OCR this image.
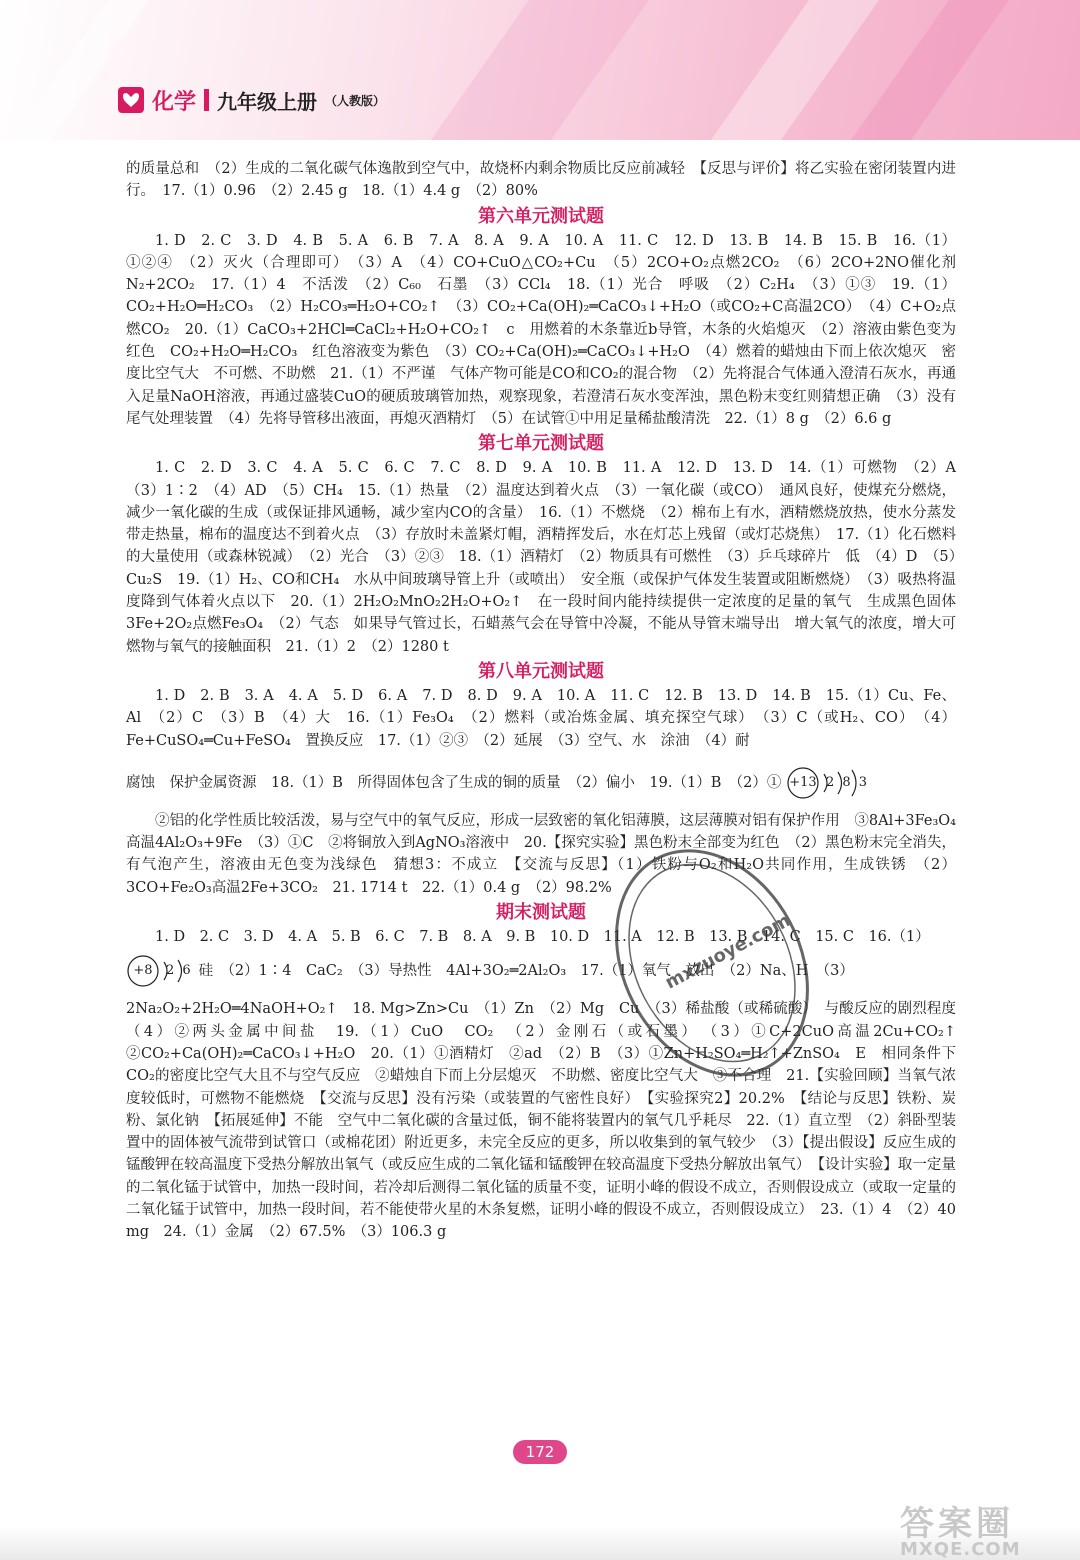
化学 九年级上册 （人教版）

的质量总和　（2）生成的二氧化碳气体逸散到空气中，故烧杯内剩余物质比反应前减轻　【反思与评价】将乙实验在密闭装置内进行。　17.（1）0.96　（2）2.45 g　18.（1）4.4 g　（2）80%

第六单元测试题

1. D　2. C　3. D　4. B　5. A　6. B　7. A　8. A　9. A　10. A　11. C　12. D　13. B　14. B　15. B　16.（1）①②④　（2）灭火（合理即可）　（3）A　（4）CO+CuO△CO₂+Cu　（5）2CO+O₂点燃2CO₂　（6）2CO+2NO催化剂N₂+2CO₂　17.（1）4　不活泼　（2）C₆₀　石墨　（3）CCl₄　18.（1）光合　呼吸　（2）C₂H₄　（3）①③　19.（1）CO₂+H₂O═H₂CO₃　（2）H₂CO₃═H₂O+CO₂↑　（3）CO₂+Ca(OH)₂═CaCO₃↓+H₂O（或CO₂+C高温2CO）　（4）C+O₂点燃CO₂　20.（1）CaCO₃+2HCl═CaCl₂+H₂O+CO₂↑　c　用燃着的木条靠近b导管，木条的火焰熄灭　（2）溶液由紫色变为红色　CO₂+H₂O═H₂CO₃　红色溶液变为紫色　（3）CO₂+Ca(OH)₂═CaCO₃↓+H₂O　（4）燃着的蜡烛由下而上依次熄灭　密度比空气大　不可燃、不助燃　21.（1）不严谨　气体产物可能是CO和CO₂的混合物　（2）先将混合气体通入澄清石灰水，再通入足量NaOH溶液，再通过盛装CuO的硬质玻璃管加热，观察现象，若澄清石灰水变浑浊，黑色粉末变红则猜想正确　（3）没有尾气处理装置　（4）先将导管移出液面，再熄灭酒精灯　（5）在试管①中用足量稀盐酸清洗　22.（1）8 g　（2）6.6 g

第七单元测试题

1. C　2. D　3. C　4. A　5. C　6. C　7. C　8. D　9. A　10. B　11. A　12. D　13. D　14.（1）可燃物　（2）A　（3）1∶2　（4）AD　（5）CH₄　15.（1）热量　（2）温度达到着火点　（3）一氧化碳（或CO）　通风良好，使煤充分燃烧，减少一氧化碳的生成（或保证排风通畅，减少室内CO的含量）　16.（1）不燃烧　（2）棉布上有水，酒精燃烧放热，使水分蒸发带走热量，棉布的温度达不到着火点　（3）存放时未盖紧灯帽，酒精挥发后，水在灯芯上残留（或灯芯烧焦）　17.（1）化石燃料的大量使用（或森林锐减）　（2）光合　（3）②③　18.（1）酒精灯　（2）物质具有可燃性　（3）乒乓球碎片　低　（4）D　（5）Cu₂S　19.（1）H₂、CO和CH₄　水从中间玻璃导管上升（或喷出）　安全瓶（或保护气体发生装置或阻断燃烧）　（3）吸热将温度降到气体着火点以下　20.（1）2H₂O₂MnO₂2H₂O+O₂↑　在一段时间内能持续提供一定浓度的足量的氧气　生成黑色固体　3Fe+2O₂点燃Fe₃O₄　（2）气态　如果导气管过长，石蜡蒸气会在导管中冷凝，不能从导管末端导出　增大氧气的浓度，增大可燃物与氧气的接触面积　21.（1）2　（2）1280 t

第八单元测试题

1. D　2. B　3. A　4. A　5. D　6. A　7. D　8. D　9. A　10. A　11. C　12. B　13. D　14. B　15.（1）Cu、Fe、Al　（2）C　（3）B　（4）大　16.（1）Fe₃O₄　（2）燃料（或冶炼金属、填充探空气球）　（3）C（或H₂、CO）　（4）Fe+CuSO₄═Cu+FeSO₄　置换反应　17.（1）②③　（2）延展　（3）空气、水　涂油　（4）耐

腐蚀　保护金属资源　18.（1）B　所得固体包含了生成的铜的质量　（2）偏小　19.（1）B　（2）① +13 2 8 3

②铝的化学性质比较活泼，易与空气中的氧气反应，形成一层致密的氧化铝薄膜，这层薄膜对铝有保护作用　③8Al+3Fe₃O₄高温4Al₂O₃+9Fe　（3）①C　②将铜放入到AgNO₃溶液中　20.【探究实验】黑色粉末全部变为红色　（2）黑色粉末完全消失，有气泡产生，溶液由无色变为浅绿色　猜想3：不成立　【交流与反思】（1）铁粉与O₂和H₂O共同作用，生成铁锈　（2）3CO+Fe₂O₃高温2Fe+3CO₂　21. 1714 t　22.（1）0.4 g　（2）98.2%

期末测试题

1. D　2. C　3. D　4. A　5. B　6. C　7. B　8. A　9. B　10. D　11. A　12. B　13. B　14. C　15. C　16.（1）

+8	2 6 硅　（2）1∶4　CaC₂　（3）导热性　4Al+3O₂═2Al₂O₃　17.（1）氧气　放出　（2）Na、H　（3）

2Na₂O₂+2H₂O═4NaOH+O₂↑　18. Mg>Zn>Cu　（1）Zn　（2）Mg　Cu　（3）稀盐酸（或稀硫酸）　与酸反应的剧烈程度　（4）②两头金属中间盐　19.（1）CuO　CO₂　（2）金刚石（或石墨）　（3）①C+2CuO高温2Cu+CO₂↑　②CO₂+Ca(OH)₂═CaCO₃↓+H₂O　20.（1）①酒精灯　②ad　（2）B　（3）①Zn+H₂SO₄═H₂↑+ZnSO₄　E　相同条件下CO₂的密度比空气大且不与空气反应　②蜡烛自下而上分层熄灭　不助燃、密度比空气大　③不合理　21.【实验回顾】当氧气浓度较低时，可燃物不能燃烧　【交流与反思】没有污染（或装置的气密性良好）　【实验探究2】20.2%　【结论与反思】铁粉、炭粉、氯化钠　【拓展延伸】不能　空气中二氧化碳的含量过低，铜不能将装置内的氧气几乎耗尽　22.（1）直立型　（2）斜卧型装置中的固体被气流带到试管口（或棉花团）附近更多，未完全反应的更多，所以收集到的氧气较少　（3）【提出假设】反应生成的锰酸钾在较高温度下受热分解放出氧气（或反应生成的二氧化锰和锰酸钾在较高温度下受热分解放出氧气）　【设计实验】取一定量的二氧化锰于试管中，加热一段时间，若冷却后测得二氧化锰的质量不变，证明小峰的假设不成立，否则假设成立（或取一定量的二氧化锰于试管中，加热一段时间，若不能使带火星的木条复燃，证明小峰的假设不成立，否则假设成立）　23.（1）4　（2）40 mg　24.（1）金属　（2）67.5%　（3）106.3 g

mxzuoye.com
172
答案圈
MXQE.COM
